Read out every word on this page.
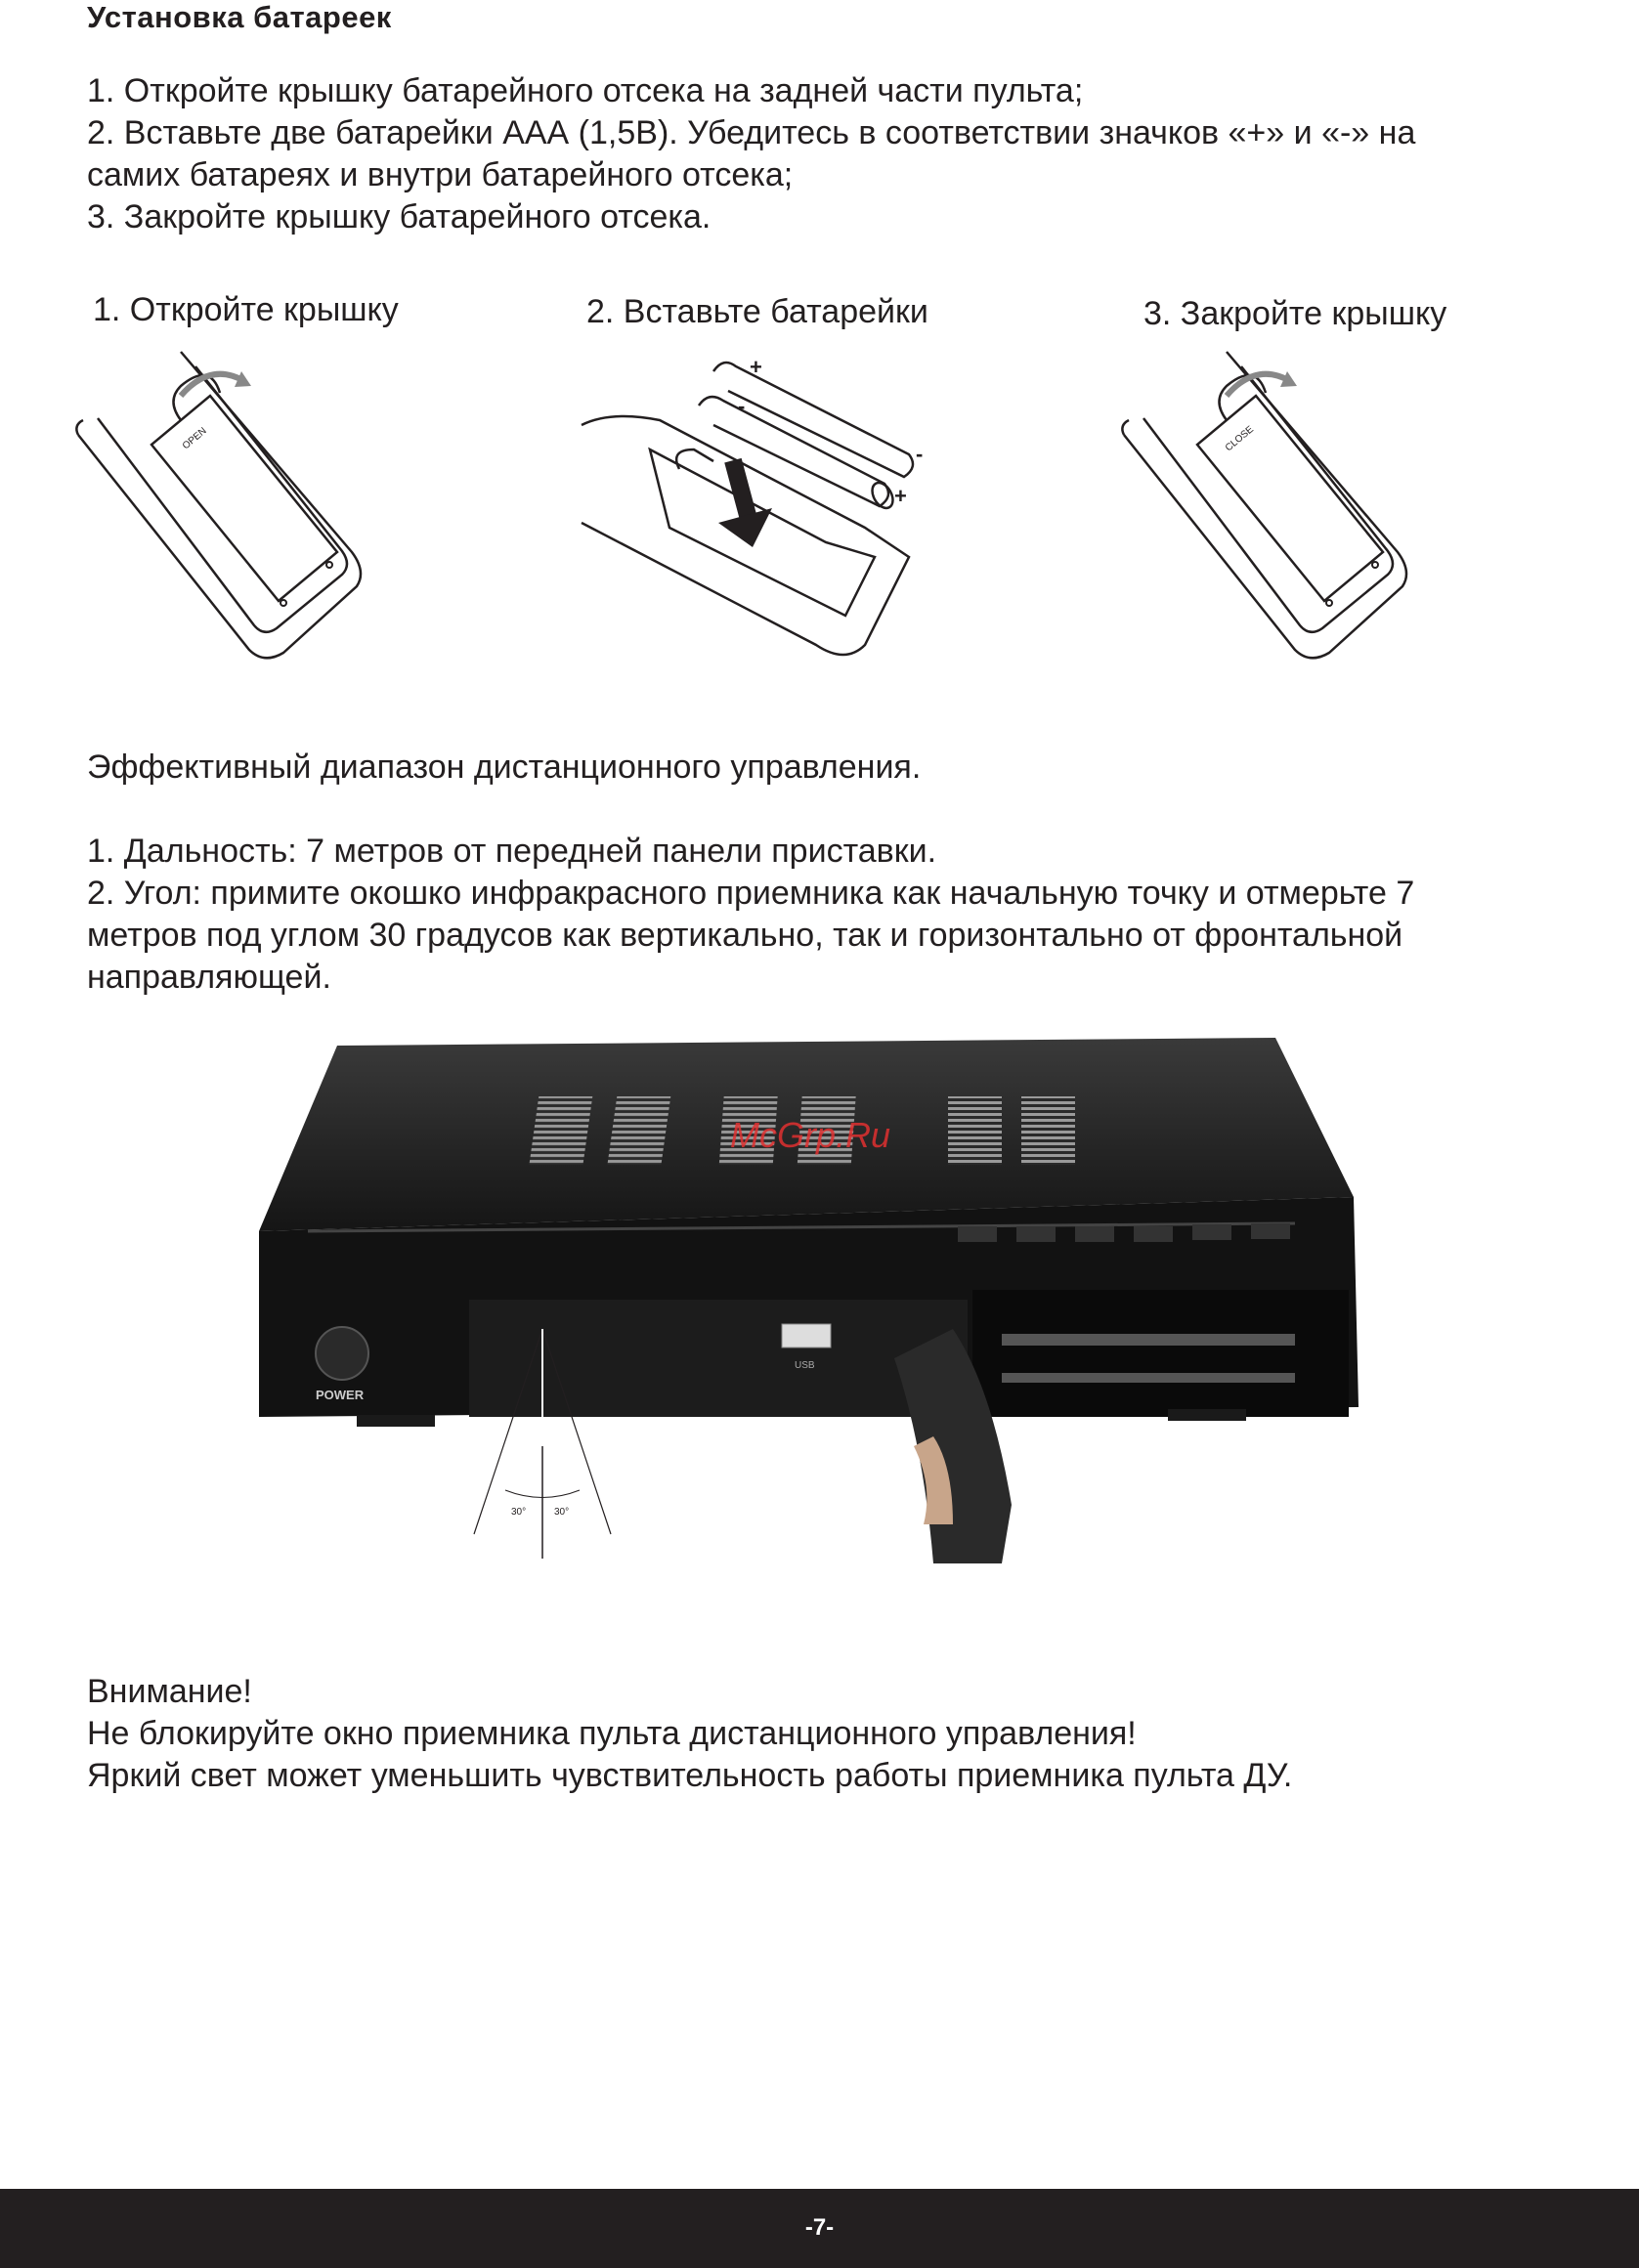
Установка батареек
1. Откройте крышку батарейного отсека на задней части пульта;
2. Вставьте две батарейки ААА (1,5В). Убедитесь в соответствии значков «+» и «-» на
самих батареях и внутри батарейного отсека;
3. Закройте крышку батарейного отсека.
1. Откройте крышку	2. Вставьте батарейки	3. Закройте крышку
OPEN
+
-
-
+
CLOSE
Эффективный диапазон дистанционного управления.
1. Дальность: 7 метров от передней панели приставки.
2. Угол: примите окошко инфракрасного приемника как начальную точку и отмерьте 7
метров под углом 30 градусов как вертикально, так и горизонтально от фронтальной
направляющей.
POWER
USB
30°	30°
McGrp.Ru
Внимание!
Не блокируйте окно приемника пульта дистанционного управления!
Яркий свет может уменьшить чувствительность работы приемника пульта ДУ.
-7-
